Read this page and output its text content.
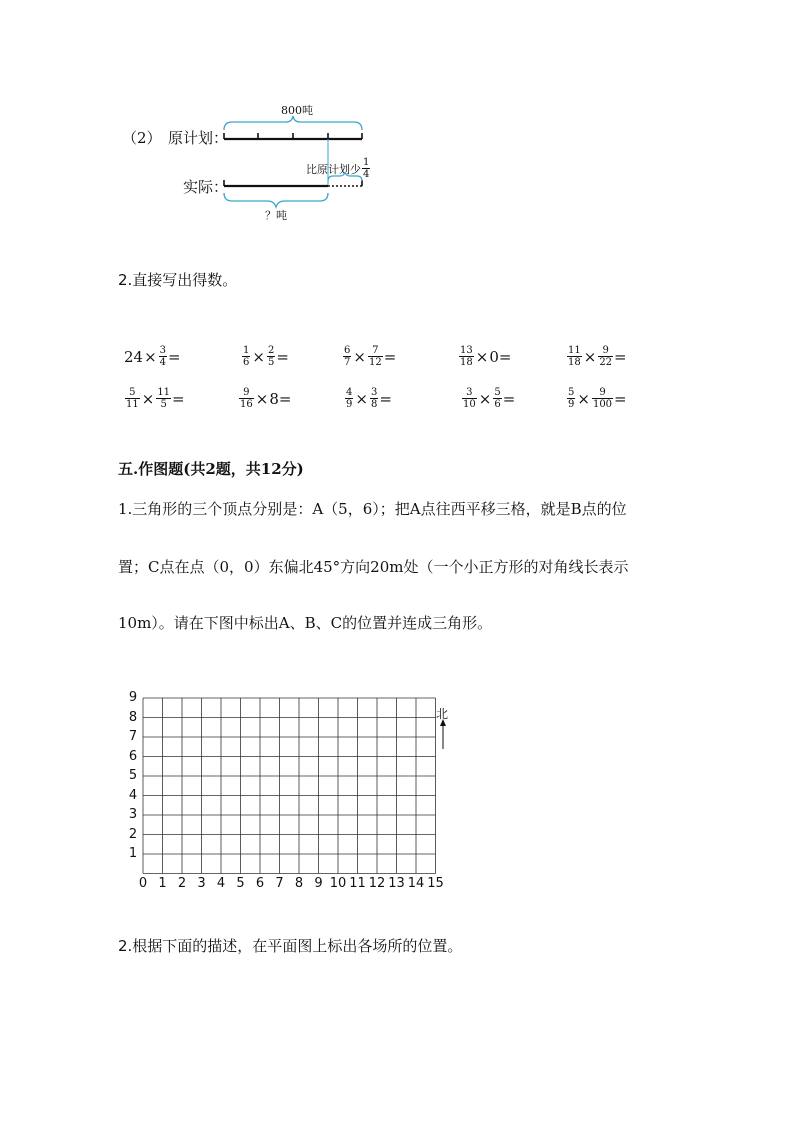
（2） 原计划：
实际：
800吨
比原计划少 $\frac{1}{4}$
？吨
2.直接写出得数。
$24 \times \frac{3}{4}$ =	$\frac{1}{6} \times \frac{2}{5}$ =	$\frac{6}{7} \times \frac{7}{12}$ =	$\frac{13}{18} \times 0$ =	$\frac{11}{18} \times \frac{9}{22}$ =
$\frac{5}{11} \times \frac{11}{5}$ =	$\frac{9}{16} \times 8$ =	$\frac{4}{9} \times \frac{3}{8}$ =	$\frac{3}{10} \times \frac{5}{6}$ =	$\frac{5}{9} \times \frac{9}{100}$ =
五.作图题(共2题，共12分)
1.三角形的三个顶点分别是：A（5，6）；把A点往西平移三格，就是B点的位
置；C点在点（0，0）东偏北45°方向20m处（一个小正方形的对角线长表示
10m）。请在下图中标出A、B、C的位置并连成三角形。
北
0 1 2 3 4 5 6 7 8 9 10 11 12 13 14 15
1
2
3
4
5
6
7
8
9
2.根据下面的描述，在平面图上标出各场所的位置。
